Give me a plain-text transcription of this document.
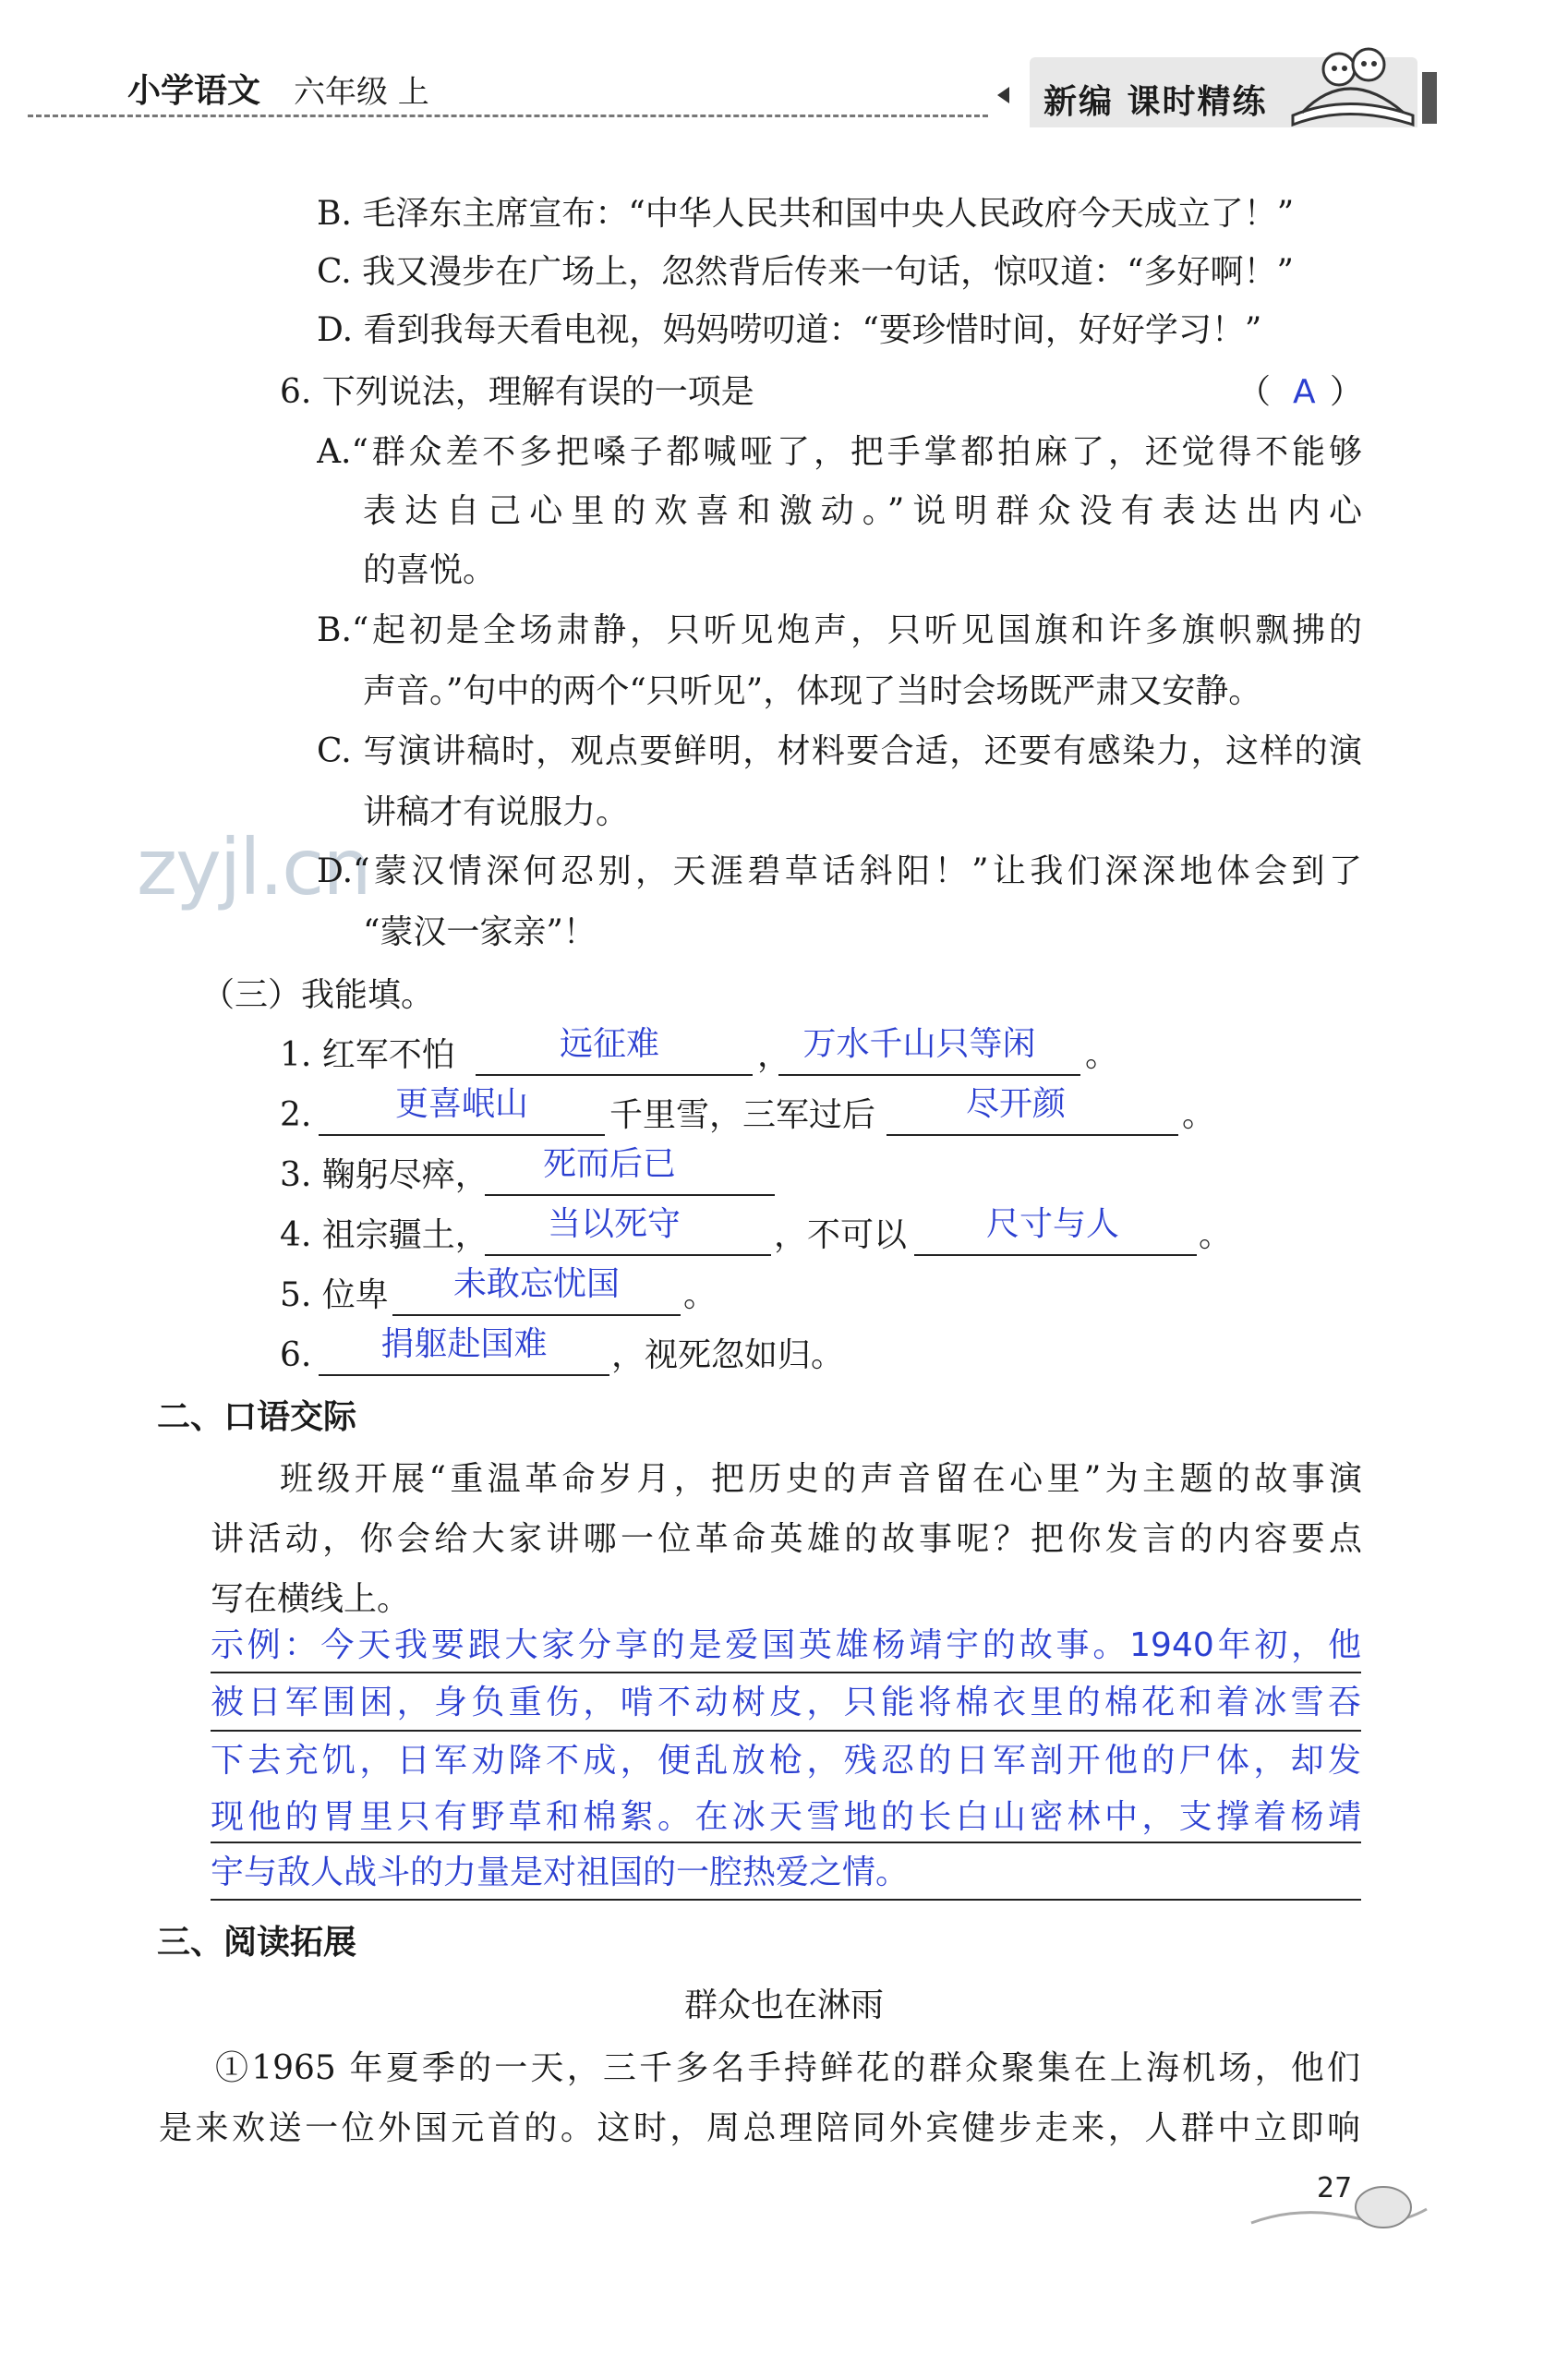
小学语文 六年级 上	新编 课时精练
B. 毛泽东主席宣布：“中华人民共和国中央人民政府今天成立了！”
C. 我又漫步在广场上，忽然背后传来一句话，惊叹道：“多好啊！”
D. 看到我每天看电视，妈妈唠叨道：“要珍惜时间，好好学习！”
6. 下列说法，理解有误的一项是	（ A ）
A.“群众差不多把嗓子都喊哑了，把手掌都拍麻了，还觉得不能够
表达自己心里的欢喜和激动。”说明群众没有表达出内心
的喜悦。
B.“起初是全场肃静，只听见炮声，只听见国旗和许多旗帜飘拂的
声音。”句中的两个“只听见”，体现了当时会场既严肃又安静。
C. 写演讲稿时，观点要鲜明，材料要合适，还要有感染力，这样的演
讲稿才有说服力。
zyjl.cn
D.“蒙汉情深何忍别，天涯碧草话斜阳！”让我们深深地体会到了
“蒙汉一家亲”！
（三）我能填。
1. 红军不怕	远征难	， 万水千山只等闲	。
2.	更喜岷山	千里雪，三军过后	尽开颜	。
3. 鞠躬尽瘁，	死而后已
4. 祖宗疆土，	当以死守	，不可以	尺寸与人	。
5. 位卑	未敢忘忧国	。
6.	捐躯赴国难	，视死忽如归。
二、口语交际
班级开展“重温革命岁月，把历史的声音留在心里”为主题的故事演
讲活动，你会给大家讲哪一位革命英雄的故事呢？把你发言的内容要点
写在横线上。
示例：今天我要跟大家分享的是爱国英雄杨靖宇的故事。1940年初，他
被日军围困，身负重伤，啃不动树皮，只能将棉衣里的棉花和着冰雪吞
下去充饥，日军劝降不成，便乱放枪，残忍的日军剖开他的尸体，却发
现他的胃里只有野草和棉絮。在冰天雪地的长白山密林中，支撑着杨靖
宇与敌人战斗的力量是对祖国的一腔热爱之情。
三、阅读拓展
群众也在淋雨
①1965 年夏季的一天，三千多名手持鲜花的群众聚集在上海机场，他们
是来欢送一位外国元首的。这时，周总理陪同外宾健步走来，人群中立即响
27
